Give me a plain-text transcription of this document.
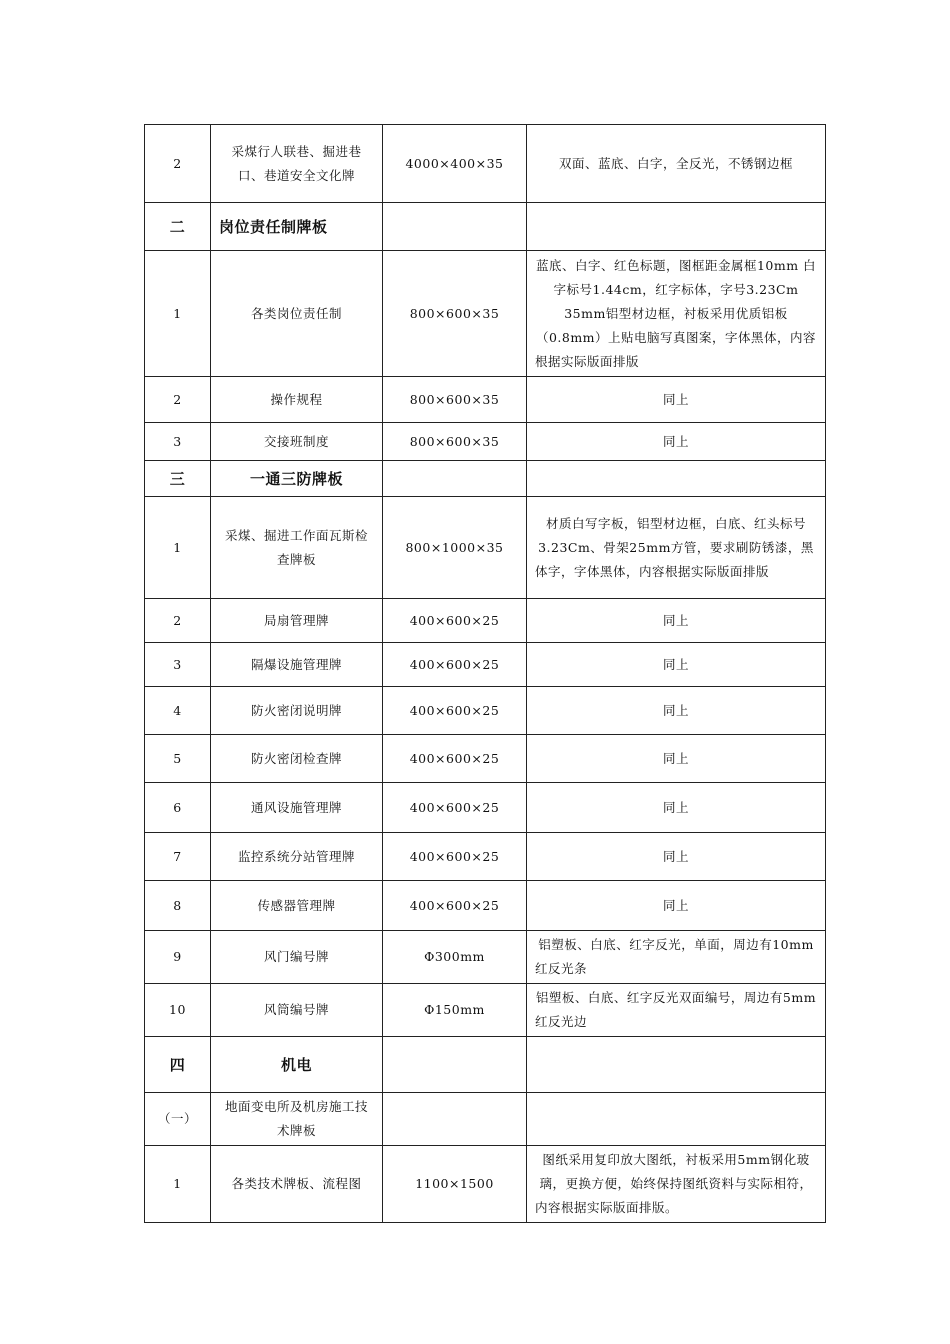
2	采煤行人联巷、掘进巷口、巷道安全文化牌	4000×400×35	双面、蓝底、白字，全反光，不锈钢边框
二	岗位责任制牌板		
1	各类岗位责任制	800×600×35	蓝底、白字、红色标题，图框距金属框10mm 白字标号1.44cm，红字标体，字号3.23Cm 35mm铝型材边框，衬板采用优质铝板（0.8mm）上贴电脑写真图案，字体黑体，内容根据实际版面排版
2	操作规程	800×600×35	同上
3	交接班制度	800×600×35	同上
三	一通三防牌板		
1	采煤、掘进工作面瓦斯检 查牌板	800×1000×35	材质白写字板，铝型材边框，白底、红头标号 3.23Cm、骨架25mm方管，要求刷防锈漆，黑体字，字体黑体，内容根据实际版面排版
2	局扇管理牌	400×600×25	同上
3	隔爆设施管理牌	400×600×25	同上
4	防火密闭说明牌	400×600×25	同上
5	防火密闭检查牌	400×600×25	同上
6	通风设施管理牌	400×600×25	同上
7	监控系统分站管理牌	400×600×25	同上
8	传感器管理牌	400×600×25	同上
9	风门编号牌	Φ300mm	铝塑板、白底、红字反光，单面，周边有10mm红反光条
10	风筒编号牌	Φ150mm	铝塑板、白底、红字反光双面编号，周边有5mm红反光边
四	机电		
（一）	地面变电所及机房施工技术牌板		
1	各类技术牌板、流程图	1100×1500	图纸采用复印放大图纸，衬板采用5mm钢化玻璃，更换方便，始终保持图纸资料与实际相符，内容根据实际版面排版。
